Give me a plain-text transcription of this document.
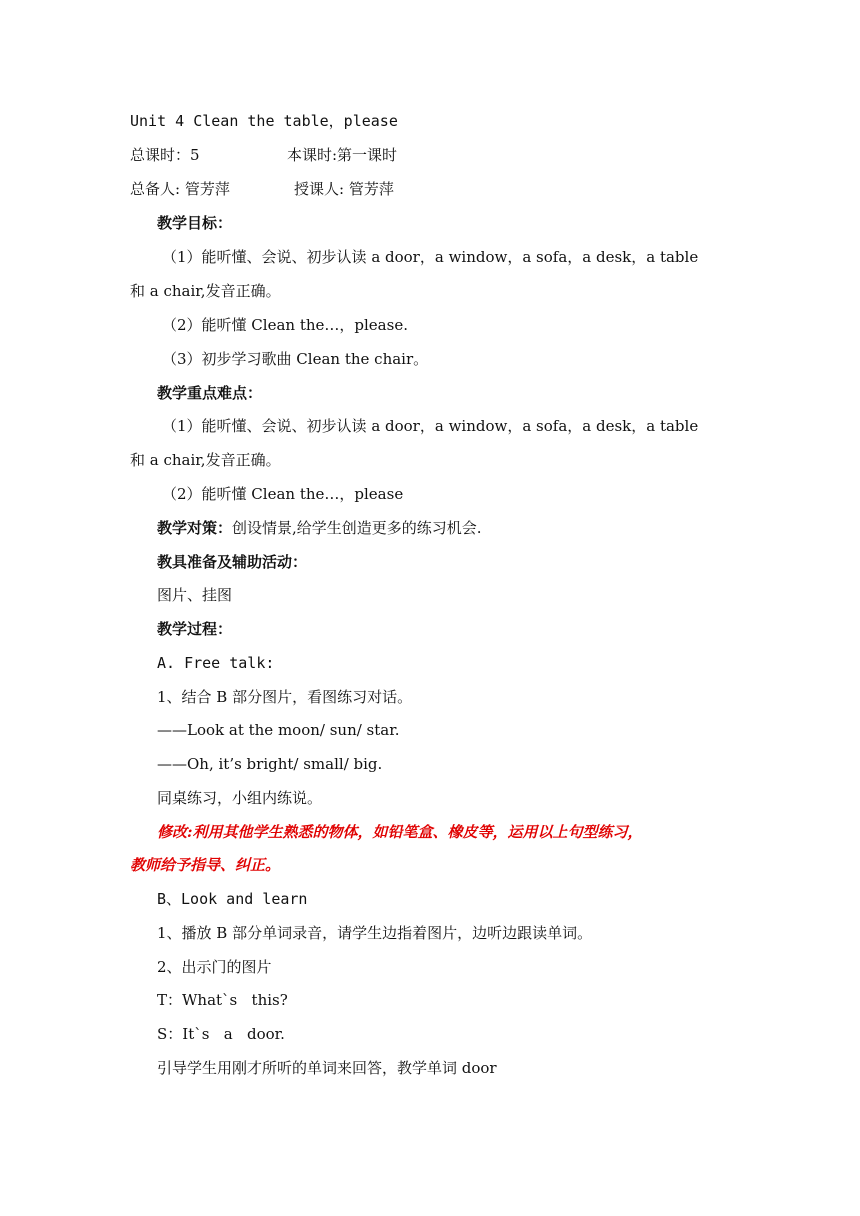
Unit 4 Clean the table，please
总课时：5	本课时:第一课时
总备人: 管芳萍	授课人: 管芳萍
教学目标：
（1）能听懂、会说、初步认读 a door，a window，a sofa，a desk，a table
和 a chair,发音正确。
（2）能听懂 Clean the…，please.
（3）初步学习歌曲 Clean the chair。
教学重点难点：
（1）能听懂、会说、初步认读 a door，a window，a sofa，a desk，a table
和 a chair,发音正确。
（2）能听懂 Clean the…，please
教学对策：创设情景,给学生创造更多的练习机会.
教具准备及辅助活动：
图片、挂图
教学过程：
A. Free talk:
1、结合 B 部分图片，看图练习对话。
——Look at the moon/ sun/ star.
——Oh, it’s bright/ small/ big.
同桌练习，小组内练说。
修改:利用其他学生熟悉的物体，如铅笔盒、橡皮等，运用以上句型练习，
教师给予指导、纠正。
B、Look and learn
1、播放 B 部分单词录音，请学生边指着图片，边听边跟读单词。
2、出示门的图片
T：What`s   this?
S：It`s   a   door.
引导学生用刚才所听的单词来回答，教学单词 door
